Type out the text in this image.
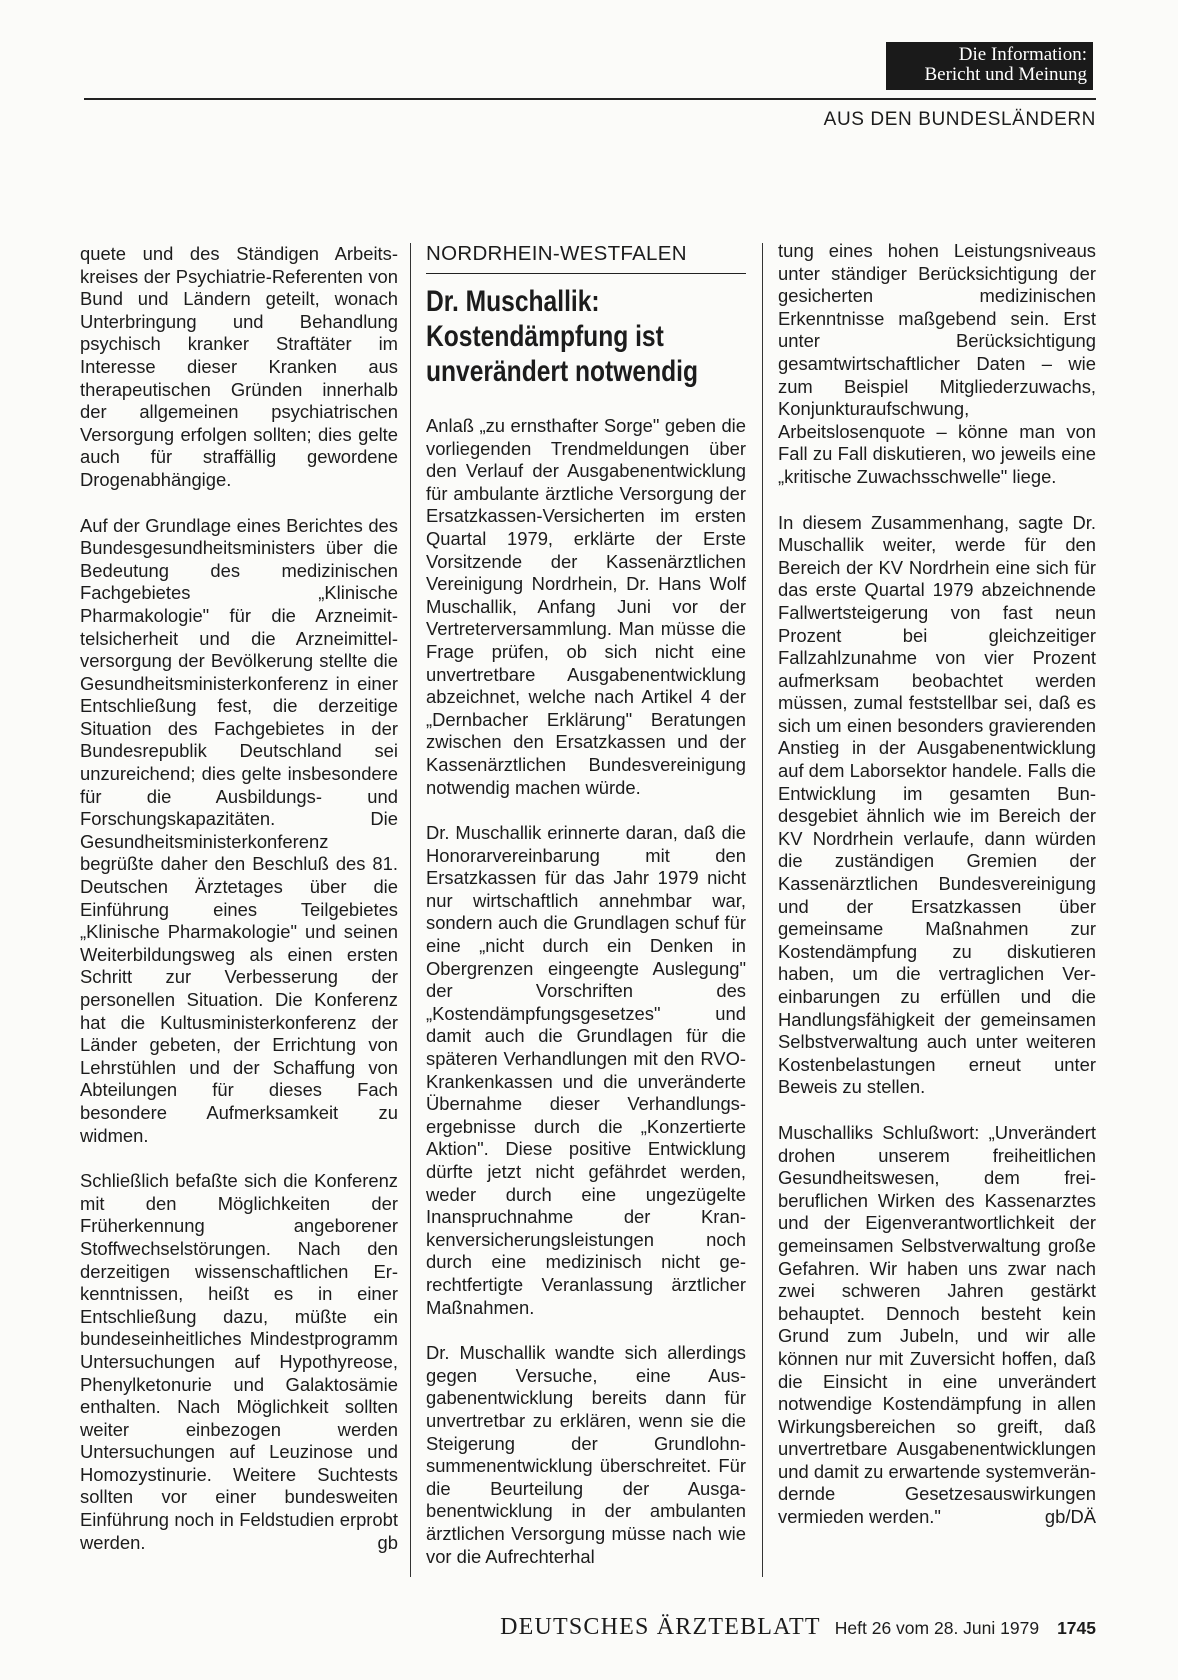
Die Information:
Bericht und Meinung
AUS DEN BUNDESLÄNDERN

quete und des Ständigen Arbeitskreises der Psychiatrie-Referenten von Bund und Ländern geteilt, wonach Unterbringung und Behandlung psychisch kranker Straftäter im Interesse dieser Kranken aus therapeutischen Gründen innerhalb der allgemeinen psychiatrischen Versorgung erfolgen sollten; dies gelte auch für straffällig gewordene Drogenabhängige.

Auf der Grundlage eines Berichtes des Bundesgesundheitsministers über die Bedeutung des medizinischen Fachgebietes „Klinische Pharmakologie" für die Arzneimittelsicherheit und die Arzneimittelversorgung der Bevölkerung stellte die Gesundheitsministerkonferenz in einer Entschließung fest, die derzeitige Situation des Fachgebietes in der Bundesrepublik Deutschland sei unzureichend; dies gelte insbesondere für die Ausbildungs- und Forschungskapazitäten. Die Gesundheitsministerkonferenz begrüßte daher den Beschluß des 81. Deutschen Ärztetages über die Einführung eines Teilgebietes „Klinische Pharmakologie" und seinen Weiterbildungsweg als einen ersten Schritt zur Verbesserung der personellen Situation. Die Konferenz hat die Kultusministerkonferenz der Länder gebeten, der Errichtung von Lehrstühlen und der Schaffung von Abteilungen für dieses Fach besondere Aufmerksamkeit zu widmen.

Schließlich befaßte sich die Konferenz mit den Möglichkeiten der Früherkennung angeborener Stoffwechselstörungen. Nach den derzeitigen wissenschaftlichen Erkenntnissen, heißt es in einer Entschließung dazu, müßte ein bundeseinheitliches Mindestprogramm Untersuchungen auf Hypothyreose, Phenylketonurie und Galaktosämie enthalten. Nach Möglichkeit sollten weiter einbezogen werden Untersuchungen auf Leuzinose und Homozystinurie. Weitere Suchtests sollten vor einer bundesweiten Einführung noch in Feldstudien erprobt werden.	gb

NORDRHEIN-WESTFALEN
Dr. Muschallik: Kostendämpfung ist unverändert notwendig

Anlaß „zu ernsthafter Sorge" geben die vorliegenden Trendmeldungen über den Verlauf der Ausgabenentwicklung für ambulante ärztliche Versorgung der Ersatzkassen-Versicherten im ersten Quartal 1979, erklärte der Erste Vorsitzende der Kassenärztlichen Vereinigung Nordrhein, Dr. Hans Wolf Muschallik, Anfang Juni vor der Vertreterversammlung. Man müsse die Frage prüfen, ob sich nicht eine unvertretbare Ausgabenentwicklung abzeichnet, welche nach Artikel 4 der „Dernbacher Erklärung" Beratungen zwischen den Ersatzkassen und der Kassenärztlichen Bundesvereinigung notwendig machen würde.

Dr. Muschallik erinnerte daran, daß die Honorarvereinbarung mit den Ersatzkassen für das Jahr 1979 nicht nur wirtschaftlich annehmbar war, sondern auch die Grundlagen schuf für eine „nicht durch ein Denken in Obergrenzen eingeengte Auslegung" der Vorschriften des „Kostendämpfungsgesetzes" und damit auch die Grundlagen für die späteren Verhandlungen mit den RVO-Krankenkassen und die unveränderte Übernahme dieser Verhandlungsergebnisse durch die „Konzertierte Aktion". Diese positive Entwicklung dürfte jetzt nicht gefährdet werden, weder durch eine ungezügelte Inanspruchnahme der Krankenversicherungsleistungen noch durch eine medizinisch nicht gerechtfertigte Veranlassung ärztlicher Maßnahmen.

Dr. Muschallik wandte sich allerdings gegen Versuche, eine Ausgabenentwicklung bereits dann für unvertretbar zu erklären, wenn sie die Steigerung der Grundlohnsummenentwicklung überschreitet. Für die Beurteilung der Ausgabenentwicklung in der ambulanten ärztlichen Versorgung müsse nach wie vor die Aufrechterhal

tung eines hohen Leistungsniveaus unter ständiger Berücksichtigung der gesicherten medizinischen Erkenntnisse maßgebend sein. Erst unter Berücksichtigung gesamtwirtschaftlicher Daten – wie zum Beispiel Mitgliederzuwachs, Konjunkturaufschwung, Arbeitslosenquote – könne man von Fall zu Fall diskutieren, wo jeweils eine „kritische Zuwachsschwelle" liege.

In diesem Zusammenhang, sagte Dr. Muschallik weiter, werde für den Bereich der KV Nordrhein eine sich für das erste Quartal 1979 abzeichnende Fallwertsteigerung von fast neun Prozent bei gleichzeitiger Fallzahlzunahme von vier Prozent aufmerksam beobachtet werden müssen, zumal feststellbar sei, daß es sich um einen besonders gravierenden Anstieg in der Ausgabenentwicklung auf dem Laborsektor handele. Falls die Entwicklung im gesamten Bundesgebiet ähnlich wie im Bereich der KV Nordrhein verlaufe, dann würden die zuständigen Gremien der Kassenärztlichen Bundesvereinigung und der Ersatzkassen über gemeinsame Maßnahmen zur Kostendämpfung zu diskutieren haben, um die vertraglichen Vereinbarungen zu erfüllen und die Handlungsfähigkeit der gemeinsamen Selbstverwaltung auch unter weiteren Kostenbelastungen erneut unter Beweis zu stellen.

Muschalliks Schlußwort: „Unverändert drohen unserem freiheitlichen Gesundheitswesen, dem freiberuflichen Wirken des Kassenarztes und der Eigenverantwortlichkeit der gemeinsamen Selbstverwaltung große Gefahren. Wir haben uns zwar nach zwei schweren Jahren gestärkt behauptet. Dennoch besteht kein Grund zum Jubeln, und wir alle können nur mit Zuversicht hoffen, daß die Einsicht in eine unverändert notwendige Kostendämpfung in allen Wirkungsbereichen so greift, daß unvertretbare Ausgabenentwicklungen und damit zu erwartende systemverändernde Gesetzesauswirkungen vermieden werden."	gb/DÄ

DEUTSCHES ÄRZTEBLATT Heft 26 vom 28. Juni 1979 1745
